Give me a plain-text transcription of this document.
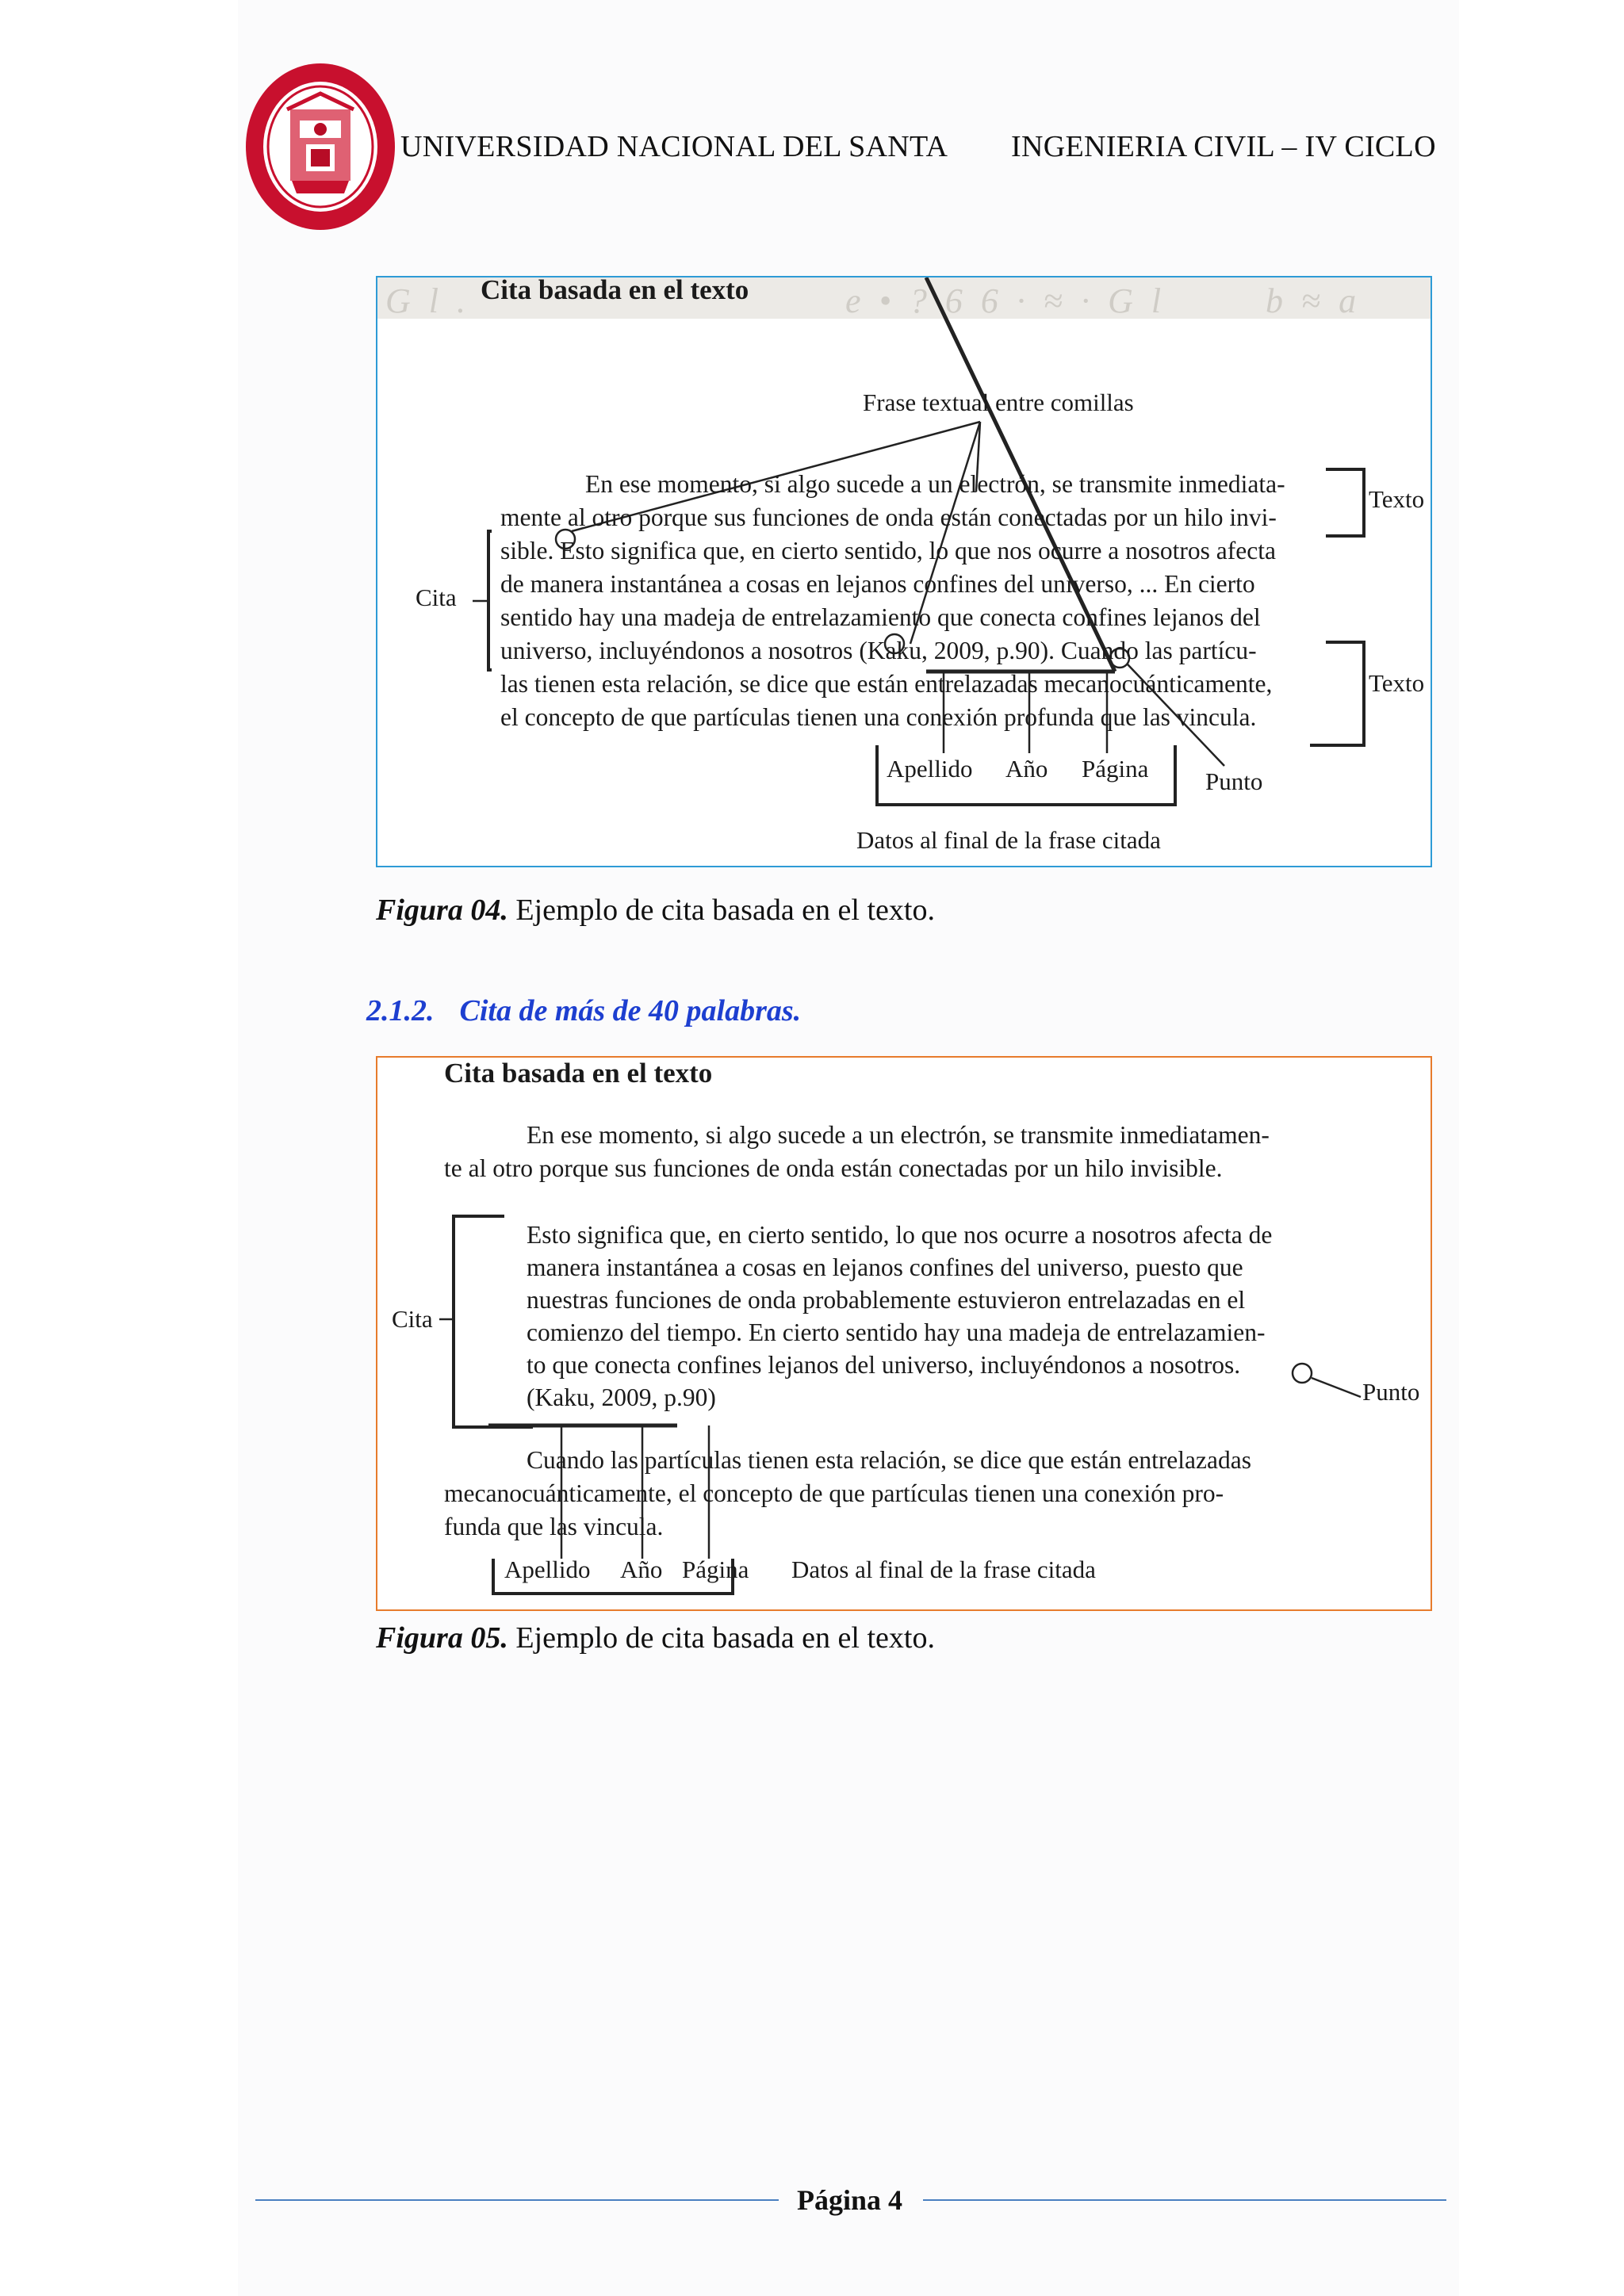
UNIVERSIDAD NACIONAL DEL SANTA INGENIERIA CIVIL – IV CICLO
G l .	e • ? 6 6 · ≈ · G l	b ≈ a
Cita basada en el texto
Frase textual entre comillas
Texto
Texto
Cita
En ese momento, si algo sucede a un electrón, se transmite inmediata-
mente al otro porque sus funciones de onda están conectadas por un hilo invi-
sible. Esto significa que, en cierto sentido, lo que nos ocurre a nosotros afecta
de manera instantánea a cosas en lejanos confines del universo, ... En cierto
sentido hay una madeja de entrelazamiento que conecta confines lejanos del
universo, incluyéndonos a nosotros (Kaku, 2009, p.90). Cuando las partícu-
las tienen esta relación, se dice que están entrelazadas mecanocuánticamente,
el concepto de que partículas tienen una conexión profunda que las vincula.
Apellido Año Página Punto
Datos al final de la frase citada
Figura 04. Ejemplo de cita basada en el texto.
2.1.2. Cita de más de 40 palabras.
Cita basada en el texto
En ese momento, si algo sucede a un electrón, se transmite inmediatamen-
te al otro porque sus funciones de onda están conectadas por un hilo invisible.
Esto significa que, en cierto sentido, lo que nos ocurre a nosotros afecta de
manera instantánea a cosas en lejanos confines del universo, puesto que
nuestras funciones de onda probablemente estuvieron entrelazadas en el
comienzo del tiempo. En cierto sentido hay una madeja de entrelazamien-
to que conecta confines lejanos del universo, incluyéndonos a nosotros.
(Kaku, 2009, p.90)
Cita
Punto
Cuando las partículas tienen esta relación, se dice que están entrelazadas
mecanocuánticamente, el concepto de que partículas tienen una conexión pro-
funda que las vincula.
Apellido Año Página Datos al final de la frase citada
Figura 05. Ejemplo de cita basada en el texto.
Página 4
